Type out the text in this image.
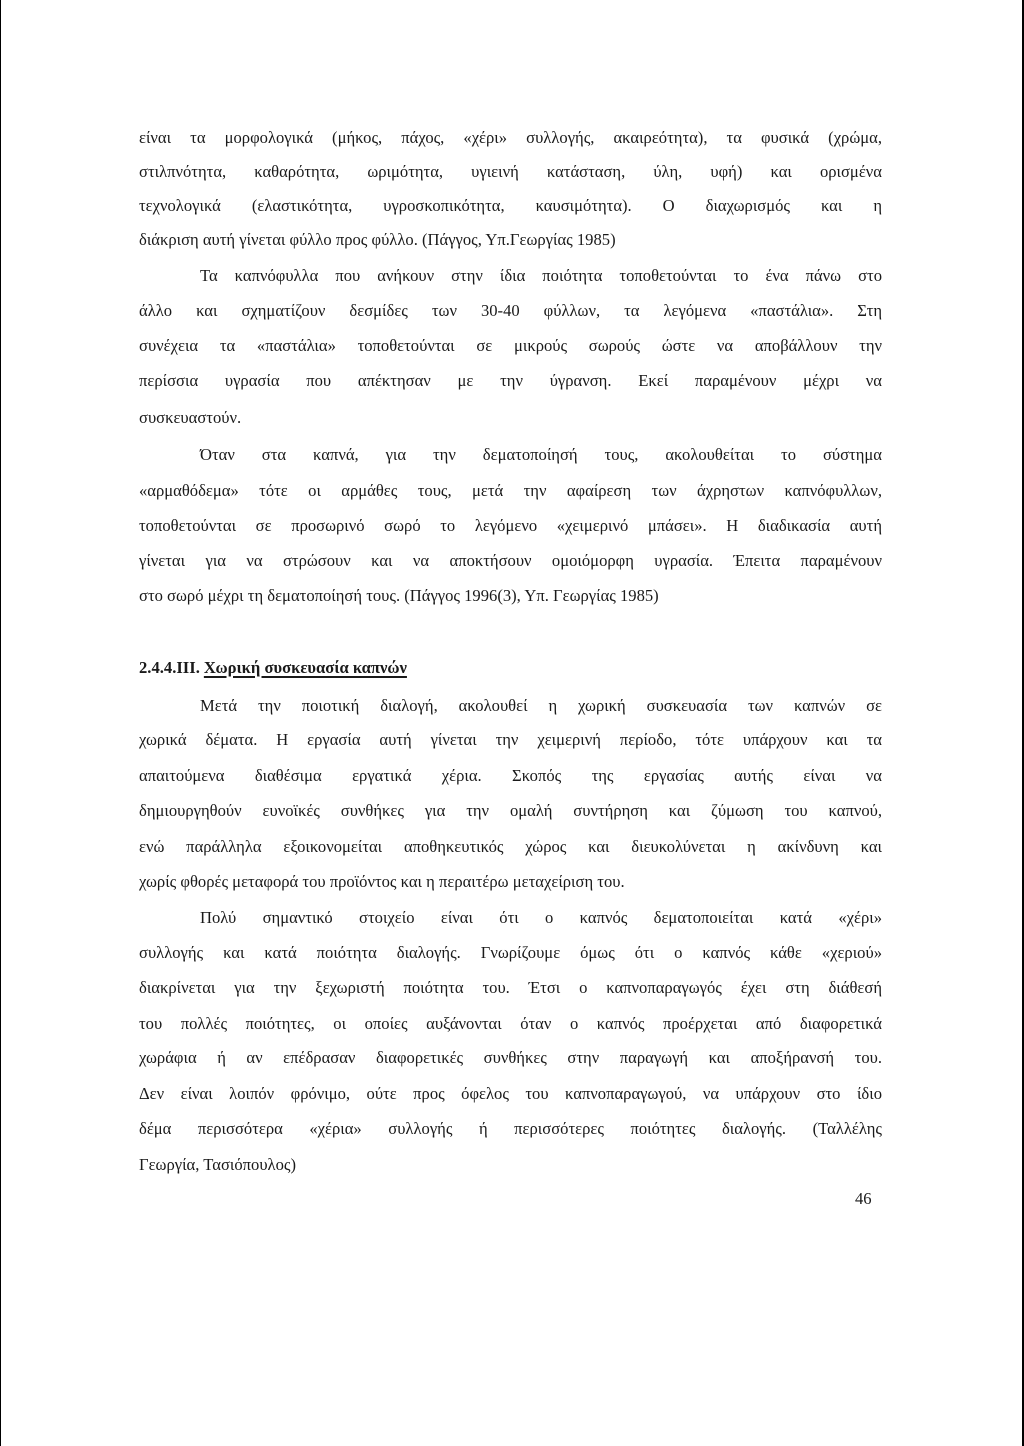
είναι τα μορφολογικά (μήκος, πάχος, «χέρι» συλλογής, ακαιρεότητα), τα φυσικά (χρώμα,
στιλπνότητα, καθαρότητα, ωριμότητα, υγιεινή κατάσταση, ύλη, υφή) και ορισμένα
τεχνολογικά (ελαστικότητα, υγροσκοπικότητα, καυσιμότητα). Ο διαχωρισμός και η
διάκριση αυτή γίνεται φύλλο προς φύλλο. (Πάγγος, Υπ.Γεωργίας 1985)
Τα καπνόφυλλα που ανήκουν στην ίδια ποιότητα τοποθετούνται το ένα πάνω στο
άλλο και σχηματίζουν δεσμίδες των 30-40 φύλλων, τα λεγόμενα «παστάλια». Στη
συνέχεια τα «παστάλια» τοποθετούνται σε μικρούς σωρούς ώστε να αποβάλλουν την
περίσσια υγρασία που απέκτησαν με την ύγρανση. Εκεί παραμένουν μέχρι να
συσκευαστούν.
Όταν στα καπνά, για την δεματοποίησή τους, ακολουθείται το σύστημα
«αρμαθόδεμα» τότε οι αρμάθες τους, μετά την αφαίρεση των άχρηστων καπνόφυλλων,
τοποθετούνται σε προσωρινό σωρό το λεγόμενο «χειμερινό μπάσει». Η διαδικασία αυτή
γίνεται για να στρώσουν και να αποκτήσουν ομοιόμορφη υγρασία. Έπειτα παραμένουν
στο σωρό μέχρι τη δεματοποίησή τους. (Πάγγος 1996(3), Υπ. Γεωργίας 1985)
2.4.4.ΙΙΙ. Χωρική συσκευασία καπνών
Μετά την ποιοτική διαλογή, ακολουθεί η χωρική συσκευασία των καπνών σε
χωρικά δέματα. Η εργασία αυτή γίνεται την χειμερινή περίοδο, τότε υπάρχουν και τα
απαιτούμενα διαθέσιμα εργατικά χέρια. Σκοπός της εργασίας αυτής είναι να
δημιουργηθούν ευνοϊκές συνθήκες για την ομαλή συντήρηση και ζύμωση του καπνού,
ενώ παράλληλα εξοικονομείται αποθηκευτικός χώρος και διευκολύνεται η ακίνδυνη και
χωρίς φθορές μεταφορά του προϊόντος και η περαιτέρω μεταχείριση του.
Πολύ σημαντικό στοιχείο είναι ότι ο καπνός δεματοποιείται κατά «χέρι»
συλλογής και κατά ποιότητα διαλογής. Γνωρίζουμε όμως ότι ο καπνός κάθε «χεριού»
διακρίνεται για την ξεχωριστή ποιότητα του. Έτσι ο καπνοπαραγωγός έχει στη διάθεσή
του πολλές ποιότητες, οι οποίες αυξάνονται όταν ο καπνός προέρχεται από διαφορετικά
χωράφια ή αν επέδρασαν διαφορετικές συνθήκες στην παραγωγή και αποξήρανσή του.
Δεν είναι λοιπόν φρόνιμο, ούτε προς όφελος του καπνοπαραγωγού, να υπάρχουν στο ίδιο
δέμα περισσότερα «χέρια» συλλογής ή περισσότερες ποιότητες διαλογής. (Ταλλέλης
Γεωργία, Τασιόπουλος)
46
